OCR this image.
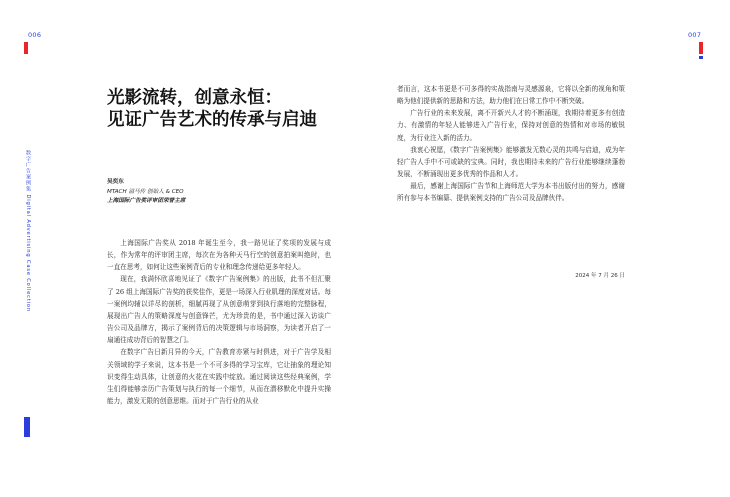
006	007
数字广告案例集 Digital Advertising Case Collection
光影流转，创意永恒：
见证广告艺术的传承与启迪
吴奕东
MTACH 溢马传 创始人 & CEO
上海国际广告奖评审团荣誉主席

上海国际广告奖从 2018 年诞生至今，我一路见证了奖项的发展与成长，作为常年的评审团主席，每次在为各种天马行空的创意拍案叫绝时，也一直在思考，如何让这些案例背后的专业和理念传递给更多年轻人。

现在，我满怀欣喜地见证了《数字广告案例集》的出版，此书不但汇聚了 26 组上海国际广告奖的获奖佳作，更是一场深入行业肌理的深度对话。每一案例均辅以详尽的剖析，细腻再现了从创意萌芽到执行落地的完整脉程，展现出广告人的策略深度与创意锋芒，尤为珍贵的是，书中通过深入访谈广告公司及品牌方，揭示了案例背后的决策逻辑与市场洞察，为读者开启了一扇通往成功背后的智慧之门。

在数字广告日新月异的今天，广告教育亦紧与时俱进，对于广告学及相关领域的学子来说，这本书是一个不可多得的学习宝库，它让抽象的理论知识变得生动具体，让创意的火花在实践中绽放。通过阅读这些经典案例，学生们得能够亲历广告策划与执行的每一个细节，从而在潜移默化中提升实操能力，激发无限的创意思维。而对于广告行业的从业

者而言，这本书更是不可多得的实战指南与灵感源泉，它将以全新的视角和策略为他们提供新的思路和方法，助力他们在日常工作中不断突破。

广告行业的未来发展，离不开新兴人才的不断涌现，我期待着更多有创造力、有激情的年轻人能够进入广告行业，保持对创意的热情和对市场的敏锐度，为行业注入新的活力。

我衷心祝愿，《数字广告案例集》能够激发无数心灵的共鸣与启迪，成为年轻广告人手中不可或缺的宝典。同时，我也期待未来的广告行业能够继续蓬勃发展，不断涌现出更多优秀的作品和人才。

最后，感谢上海国际广告节和上海师范大学为本书出版付出的努力，感谢所有参与本书编纂、提供案例支持的广告公司及品牌伙伴。

2024 年 7 月 26 日
